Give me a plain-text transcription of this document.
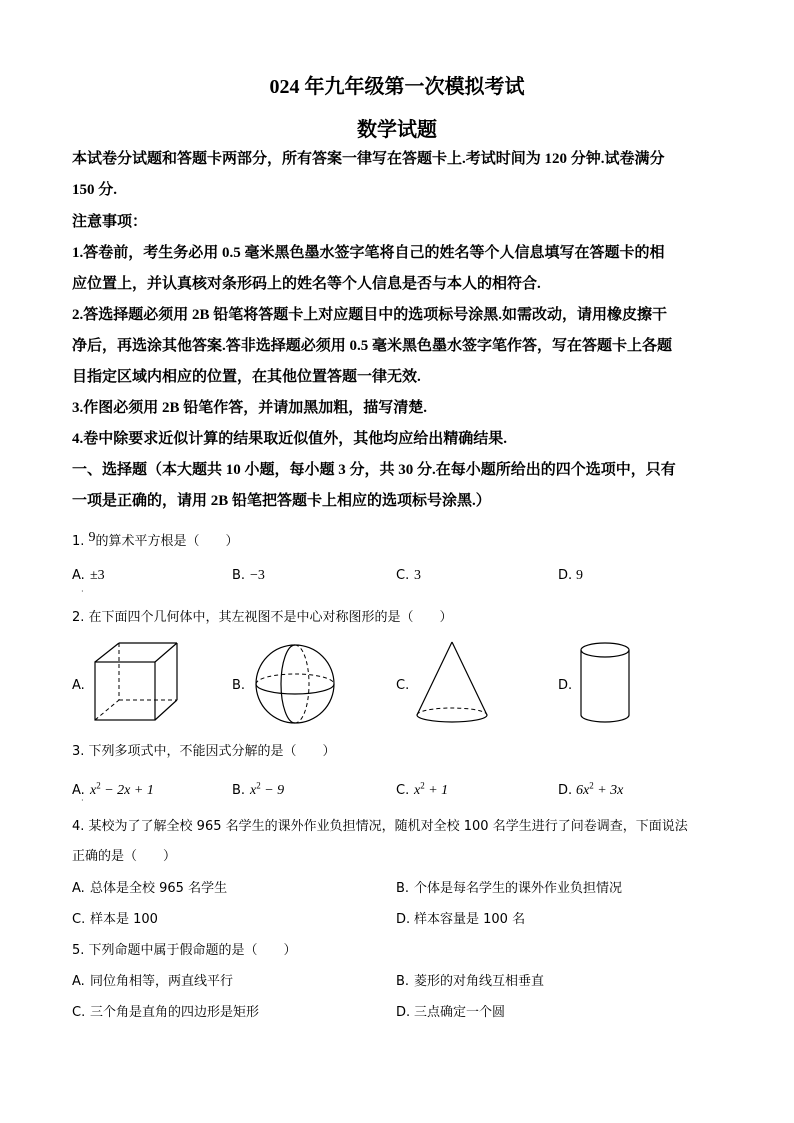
024 年九年级第一次模拟考试
数学试题
本试卷分试题和答题卡两部分，所有答案一律写在答题卡上.考试时间为 120 分钟.试卷满分
150 分.
注意事项：
1.答卷前，考生务必用 0.5 毫米黑色墨水签字笔将自己的姓名等个人信息填写在答题卡的相
应位置上，并认真核对条形码上的姓名等个人信息是否与本人的相符合.
2.答选择题必须用 2B 铅笔将答题卡上对应题目中的选项标号涂黑.如需改动，请用橡皮擦干
净后，再选涂其他答案.答非选择题必须用 0.5 毫米黑色墨水签字笔作答，写在答题卡上各题
目指定区域内相应的位置，在其他位置答题一律无效.
3.作图必须用 2B 铅笔作答，并请加黑加粗，描写清楚.
4.卷中除要求近似计算的结果取近似值外，其他均应给出精确结果.
一、选择题（本大题共 10 小题，每小题 3 分，共 30 分.在每小题所给出的四个选项中，只有
一项是正确的，请用 2B 铅笔把答题卡上相应的选项标号涂黑.）
1. 9的算术平方根是（　　）
A. ±3
·
B. −3	C. 3	D. 9
2. 在下面四个几何体中，其左视图不是中心对称图形的是（　　）
A.	B.	C.	D.
3. 下列多项式中，不能因式分解的是（　　）
A. $x^2 - 2x + 1$
·
B. $x^2 - 9$	C. $x^2 + 1$	D. $6x^2 + 3x$
4. 某校为了了解全校 965 名学生的课外作业负担情况，随机对全校 100 名学生进行了问卷调查，下面说法
正确的是（　　）
A. 总体是全校 965 名学生	B. 个体是每名学生的课外作业负担情况
C. 样本是 100	D. 样本容量是 100 名
5. 下列命题中属于假命题的是（　　）
A. 同位角相等，两直线平行	B. 菱形的对角线互相垂直
C. 三个角是直角的四边形是矩形	D. 三点确定一个圆
